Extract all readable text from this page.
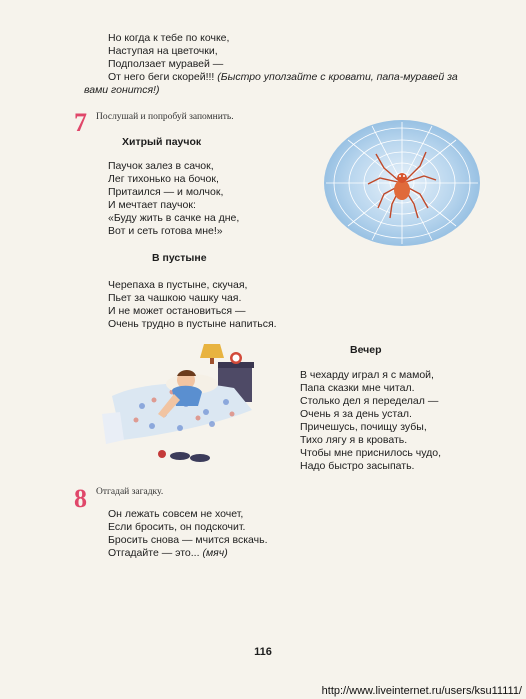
Но когда к тебе по кочке,
Наступая на цветочки,
Подползает муравей —
От него беги скорей!!! (Быстро уползайте с кровати, папа-муравей за
вами гонится!)
7 Послушай и попробуй запомнить.
Хитрый паучок
Паучок залез в сачок,
Лег тихонько на бочок,
Притаился — и молчок,
И мечтает паучок:
«Буду жить в сачке на дне,
Вот и сеть готова мне!»
В пустыне
Черепаха в пустыне, скучая,
Пьет за чашкою чашку чая.
И не может остановиться —
Очень трудно в пустыне напиться.
Вечер
В чехарду играл я с мамой,
Папа сказки мне читал.
Столько дел я переделал —
Очень я за день устал.
Причешусь, почищу зубы,
Тихо лягу я в кровать.
Чтобы мне приснилось чудо,
Надо быстро засыпать.
8 Отгадай загадку.
Он лежать совсем не хочет,
Если бросить, он подскочит.
Бросить снова — мчится вскачь.
Отгадайте — это... (мяч)
116
http://www.liveinternet.ru/users/ksu11111/
